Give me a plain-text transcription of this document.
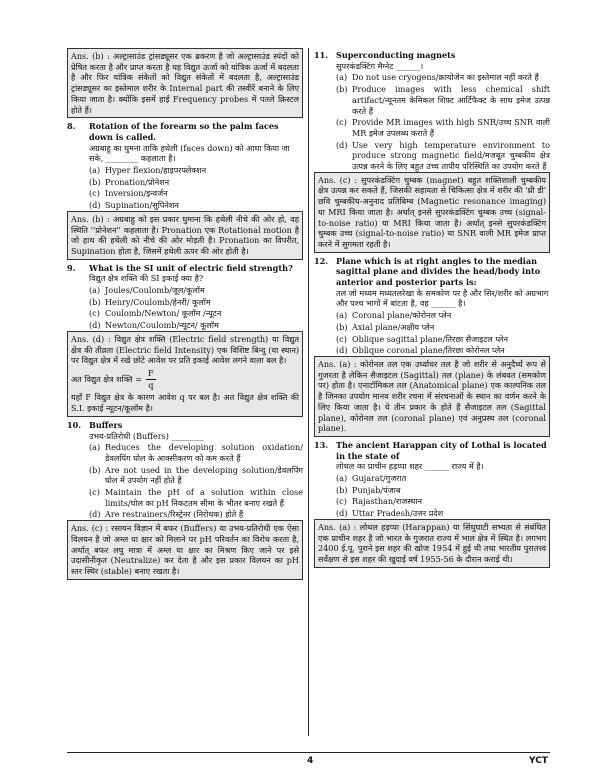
Ans. (b) : अल्ट्रासाउंड ट्रांसड्यूसर एक ब्रकरण है जो अल्ट्रासाउंड स्पंदों को प्रेषित करता है और प्राप्त करता है यह विद्युत ऊर्जा को यांत्रिक ऊर्जा में बदलता है और फिर यांत्रिक संकेतों को विद्युत संकेतों में बदलता है, अल्ट्रासाउंड ट्रांसड्यूसर का इस्तेमाल शरीर के Internal part की तस्वीरें बनाने के लिए किया जाता है। क्योंकि इसमें हाई Frequency probes में पतले क्रिस्टल होते हैं।
8.	Rotation of the forearm so the palm faces down is called.
अग्रबाहु का घुमना ताकि हथेली (faces down) को आधा किया जा सके, ________ कहलाता है।
(a) Hyper flexion/हाइपरफ्लेक्शन
(b) Pronation/प्रोनेशन
(c) Inversion/इन्वर्जन
(d) Supination/सुपिनेशन
Ans. (b) : अग्रबाहु को इस प्रकार घुमाना कि हथेली नीचे की ओर हो, वह स्थिति ''प्रोनेशन'' कहलाता है। Pronation एक Rotational motion है जो हाथ की हथेली को नीचे की ओर मोड़ती है। Pronation का विपरीत, Supination होता है, जिसमें हथेली ऊपर की ओर होती है।
9.	What is the SI unit of electric field strength?
विद्युत क्षेत्र शक्ति की SI इकाई क्या है?
(a) Joules/Coulomb/जूल/कूलॉम
(b) Henry/Coulomb/हेनरी/ कूलॉम
(c) Coulomb/Newton/ कूलॉम /न्यूटन
(d) Newton/Coulomb/न्यूटन/ कूलॉम
Ans. (d) : विद्युत क्षेत्र शक्ति (Electric field strength) या विद्युत क्षेत्र की तीव्रता (Electric field Intensity) एक विशिष्ट बिन्दु (या स्थान) पर विद्युत क्षेत्र में रखे छोटे आवेश पर प्रति इकाई आवेश लगने वाला बल है।
अत विद्युत क्षेत्र शक्ति = $\frac{F}{q}$
यहाँ F विद्युत क्षेत्र के कारण आवेश q पर बल है। अत विद्युत क्षेत्र शक्ति की S.I. इकाई न्यूटन/कूलॉम है।
10. Buffers
उभय-प्रतिरोधी (Buffers) ________
(a) Reduces the developing solution oxidation/डेवलपिंग घोल के आक्सीकरण को कम करते हैं
(b) Are not used in the developing solution/डेवलपिंग घोल में उपयोग नहीं होते हैं
(c) Maintain the pH of a solution within close limits/घोल का pH निकटतम सीमा के भीतर बनाए रखते हैं
(d) Are restrainers/रिस्ट्रेनर (निरोधक) होते हैं
Ans. (c) : रसायन विज्ञान में बफर (Buffers) या उभय-प्रतिरोधी एक ऐसा विलयन है जो अम्ल या क्षार को मिलाने पर pH परिवर्तन का विरोध करता है, अर्थात् बफर लघु मात्रा में अम्ल या क्षार का मिश्रण किए जाने पर इसे उदासीनीकृत (Neutralize) कर देता है और इस प्रकार विलयन का pH स्तर स्थिर (stable) बनाए रखता है।
11. Superconducting magnets
सुपरकंडक्टिंग मैग्नेट ______।
(a) Do not use cryogens/क्रायोजेन का इस्तेमाल नहीं करते हैं
(b) Produce images with less chemical shift artifact/न्यूनतम केमिकल शिफ्ट आर्टिफैक्ट के साथ इमेज उत्पन्न करते हैं
(c) Provide MR images with high SNR/उच्च SNR वाली MR इमेज उपलब्ध कराते हैं
(d) Use very high temperature environment to produce strong magnetic field/मजबूत चुम्बकीय क्षेत्र उत्पन्न करने के लिए बहुत उच्च तापीय परिस्थिति का उपयोग करते हैं
Ans. (c) : सुपरकंडक्टिंग चुम्बक (magnet) बहुत शक्तिशाली चुम्बकीय क्षेत्र उत्पन्न कर सकते हैं, जिसकी सहायता से चिकित्सा क्षेत्र में शरीर की 'थ्री डी' छवि चुम्बकीय-अनुनाद प्रतिबिम्ब (Magnetic resonance imaging) या MRI किया जाता है। अर्थात् इनसे सुपरकंडक्टिंग चुम्बक उच्च (signal-to-noise ratio) या MRI किया जाता है। अर्थात् इनसे सुपरकंडक्टिंग चुम्बक उच्च (signal-to-noise ratio) या SNR वाली MR इमेज प्राप्त करने में सुगमता रहती है।
12. Plane which is at right angles to the median sagittal plane and divides the head/body into anterior and posterior parts is:
तल जो मध्यम मध्यतलरेखा के समकोण पर है और सिर/शरीर को अग्रभाग और पश्च भागों में बांटता है, वह ______ है।
(a) Coronal plane/कोरोनल प्लेन
(b) Axial plane/अक्षीय प्लेन
(c) Oblique sagittal plane/तिरछा सैजाइटल प्लेन
(d) Oblique coronal plane/तिरछा कोरोनल प्लेन
Ans. (a) : कोरोनल तल एक उर्ध्वाधर तल है जो शरीर से अनुदैर्घ्य रूप से गुजरता है लेकिन सैजाइटल (Sagittal) तल (plane) के लंबवत (समकोण पर) होता है। एनाटॉमिकल तल (Anatomical plane) एक काल्पनिक तल है जिनका उपयोग मानव शरीर रचना में संरचनाओं के स्थान का वर्णन करने के लिए किया जाता है। ये तीन प्रकार के होते हैं सैजाइटल तल (Sagittal plane), कोरोनल तल (coronal plane) एवं अनुप्रस्थ तल (coronal plane).
13. The ancient Harappan city of Lothal is located in the state of
लोथल का प्राचीन हड़प्पा शहर ______ राज्य में है।
(a) Gujarat/गुजरात
(b) Punjab/पंजाब
(c) Rajasthan/राजस्थान
(d) Uttar Pradesh/उत्तर प्रदेश
Ans. (a) : लोथल हड़प्पा (Harappan) या सिंधुघाटी सभ्यता से संबंधित एक प्राचीन शहर है जो भारत के गुजरात राज्य में भाल क्षेत्र में स्थित है। लगभग 2400 ई.पू. पुराने इस शहर की खोज 1954 में हुई थी तथा भारतीय पुरातत्त्व सर्वेक्षण से इस शहर की खुदाई वर्ष 1955-56 के दौरान कराई थी।
4	YCT
